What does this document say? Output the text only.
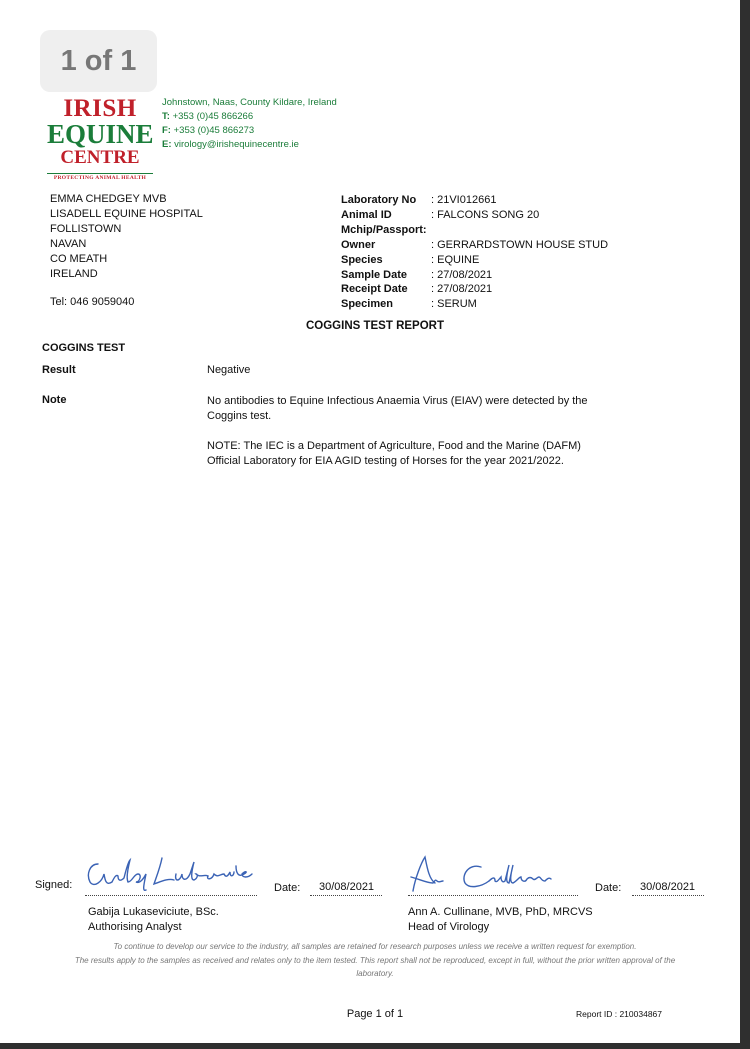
1 of 1
IRISH
EQUINE
CENTRE
PROTECTING ANIMAL HEALTH
Johnstown, Naas, County Kildare, Ireland
T: +353 (0)45 866266
F: +353 (0)45 866273
E: virology@irishequinecentre.ie
EMMA CHEDGEY MVB
LISADELL EQUINE HOSPITAL
FOLLISTOWN
NAVAN
CO MEATH
IRELAND
Tel: 046 9059040
Laboratory No	: 21VI012661
Animal ID	: FALCONS SONG 20
Mchip/Passport:
Owner	: GERRARDSTOWN HOUSE STUD
Species	: EQUINE
Sample Date	: 27/08/2021
Receipt Date	: 27/08/2021
Specimen	: SERUM
COGGINS TEST REPORT
COGGINS TEST
Result	Negative
Note	No antibodies to Equine Infectious Anaemia Virus (EIAV) were detected by the Coggins test.

NOTE: The IEC is a Department of Agriculture, Food and the Marine (DAFM) Official Laboratory for EIA AGID testing of Horses for the year 2021/2022.

Signed:	Date: 30/08/2021
Gabija Lukaseviciute, BSc.
Authorising Analyst
Date: 30/08/2021
Ann A. Cullinane, MVB, PhD, MRCVS
Head of Virology
To continue to develop our service to the industry, all samples are retained for research purposes unless we receive a written request for exemption.
The results apply to the samples as received and relates only to the item tested. This report shall not be reproduced, except in full, without the prior written approval of the laboratory.
Page 1 of 1	Report ID : 210034867
